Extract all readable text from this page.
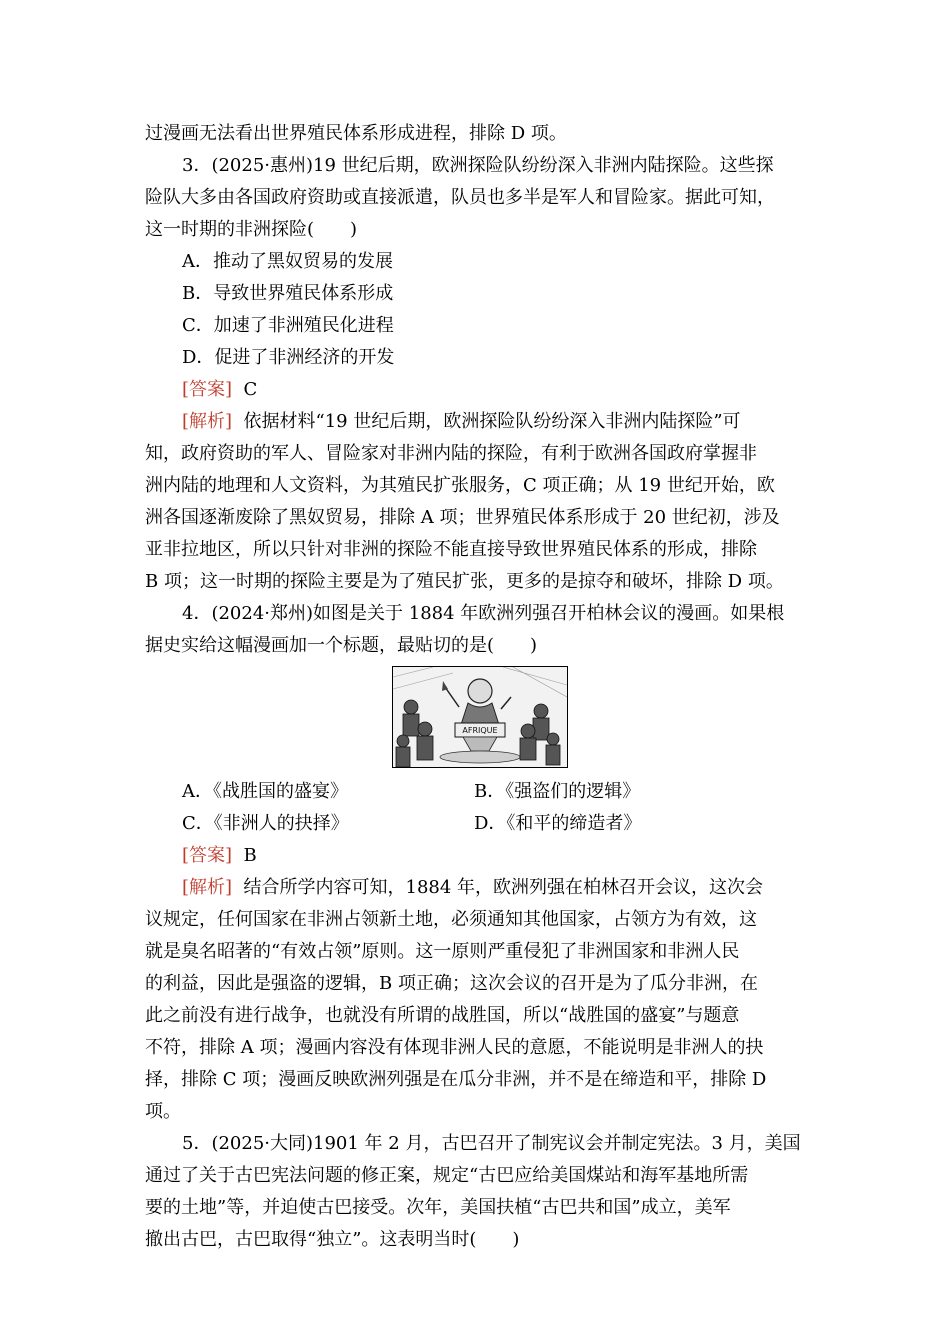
过漫画无法看出世界殖民体系形成进程，排除 D 项。
3．(2025·惠州)19 世纪后期，欧洲探险队纷纷深入非洲内陆探险。这些探
险队大多由各国政府资助或直接派遣，队员也多半是军人和冒险家。据此可知，
这一时期的非洲探险(　　)
A．推动了黑奴贸易的发展
B．导致世界殖民体系形成
C．加速了非洲殖民化进程
D．促进了非洲经济的开发
[答案] C
[解析] 依据材料“19 世纪后期，欧洲探险队纷纷深入非洲内陆探险”可
知，政府资助的军人、冒险家对非洲内陆的探险，有利于欧洲各国政府掌握非
洲内陆的地理和人文资料，为其殖民扩张服务，C 项正确；从 19 世纪开始，欧
洲各国逐渐废除了黑奴贸易，排除 A 项；世界殖民体系形成于 20 世纪初，涉及
亚非拉地区，所以只针对非洲的探险不能直接导致世界殖民体系的形成，排除
B 项；这一时期的探险主要是为了殖民扩张，更多的是掠夺和破坏，排除 D 项。
4．(2024·郑州)如图是关于 1884 年欧洲列强召开柏林会议的漫画。如果根
据史实给这幅漫画加一个标题，最贴切的是(　　)
AFRIQUE
A．《战胜国的盛宴》	B．《强盗们的逻辑》
C．《非洲人的抉择》	D．《和平的缔造者》
[答案] B
[解析] 结合所学内容可知，1884 年，欧洲列强在柏林召开会议，这次会
议规定，任何国家在非洲占领新土地，必须通知其他国家，占领方为有效，这
就是臭名昭著的“有效占领”原则。这一原则严重侵犯了非洲国家和非洲人民
的利益，因此是强盗的逻辑，B 项正确；这次会议的召开是为了瓜分非洲，在
此之前没有进行战争，也就没有所谓的战胜国，所以“战胜国的盛宴”与题意
不符，排除 A 项；漫画内容没有体现非洲人民的意愿，不能说明是非洲人的抉
择，排除 C 项；漫画反映欧洲列强是在瓜分非洲，并不是在缔造和平，排除 D
项。
5．(2025·大同)1901 年 2 月，古巴召开了制宪议会并制定宪法。3 月，美国
通过了关于古巴宪法问题的修正案，规定“古巴应给美国煤站和海军基地所需
要的土地”等，并迫使古巴接受。次年，美国扶植“古巴共和国”成立，美军
撤出古巴，古巴取得“独立”。这表明当时(　　)
